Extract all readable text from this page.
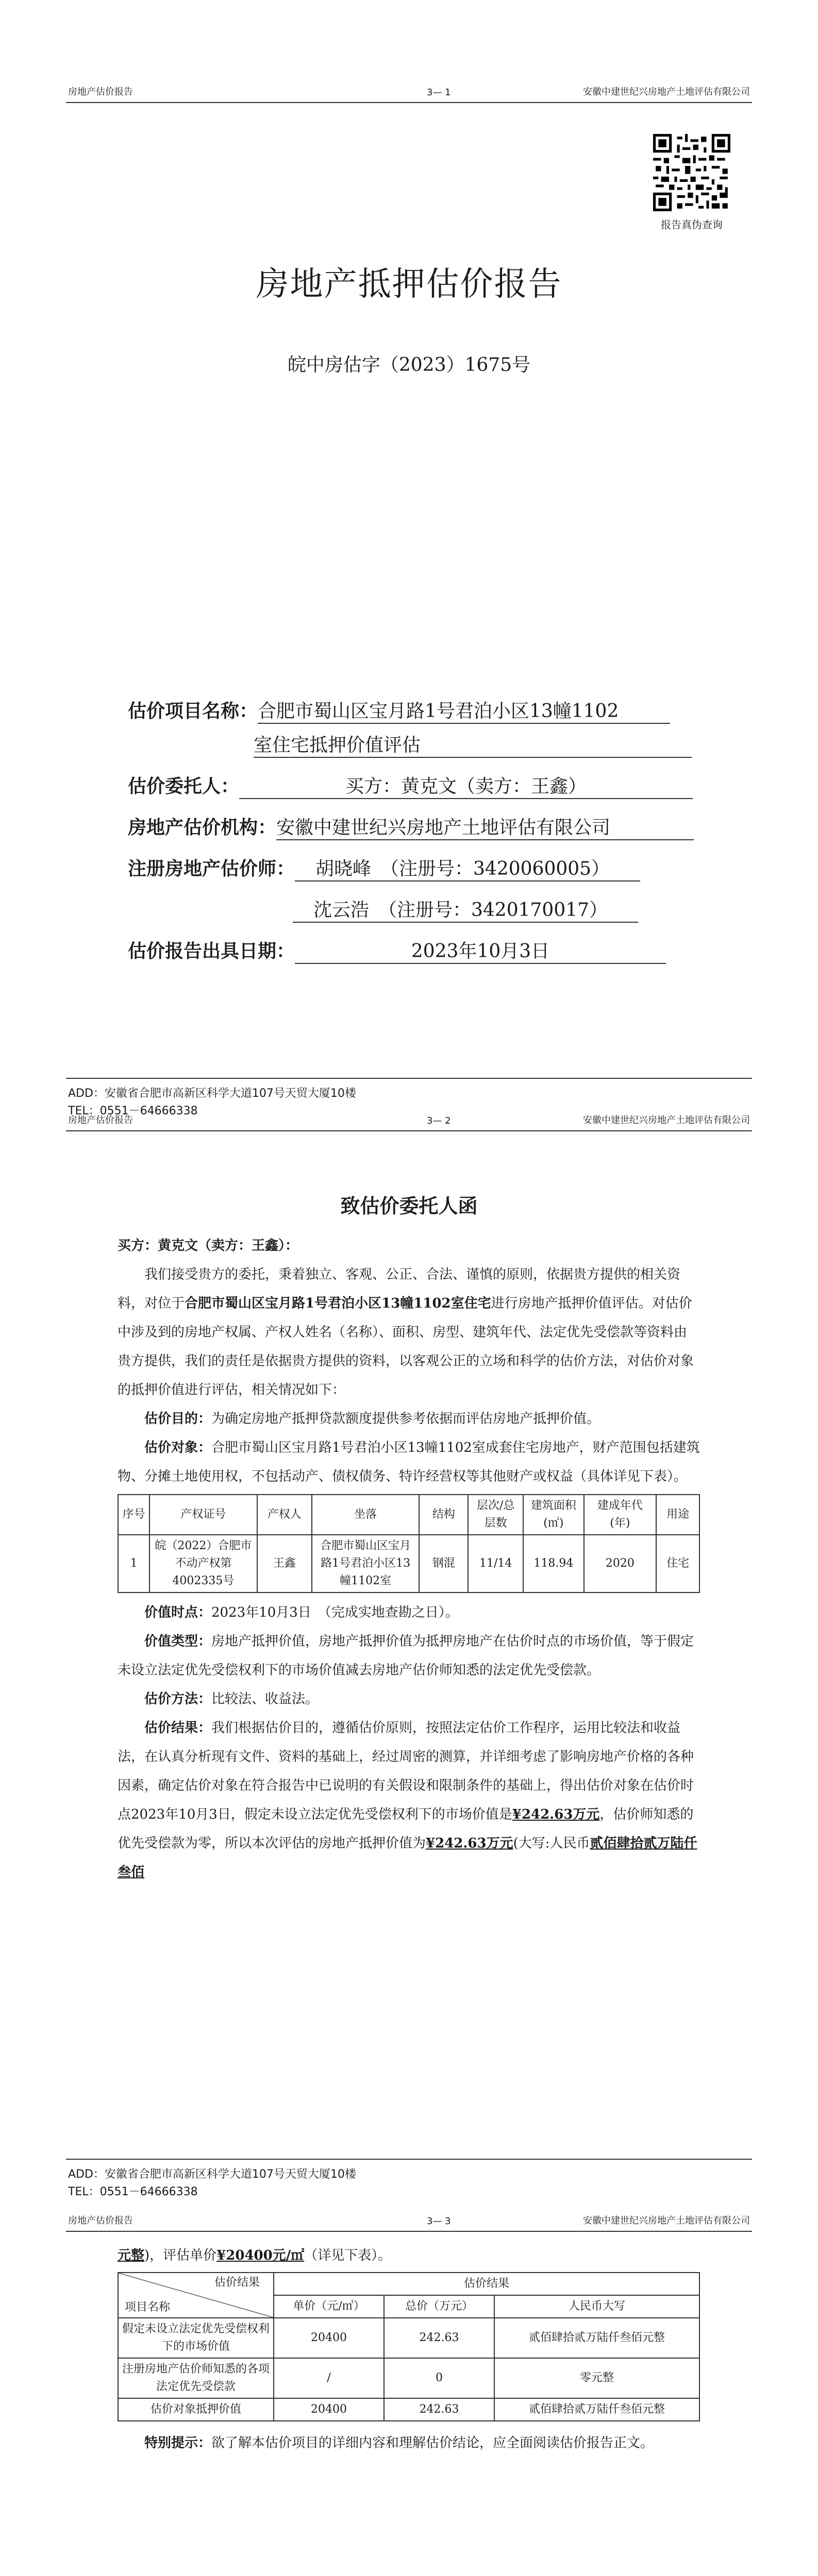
房地产估价报告	3— 1	安徽中建世纪兴房地产土地评估有限公司
报告真伪查询
房地产抵押估价报告
皖中房估字（2023）1675号
估价项目名称：合肥市蜀山区宝月路1号君泊小区13幢1102
室住宅抵押价值评估
估价委托人：	买方：黄克文（卖方：王鑫）
房地产估价机构：安徽中建世纪兴房地产土地评估有限公司
注册房地产估价师： 胡晓峰　（注册号：3420060005）
沈云浩　（注册号：3420170017）
估价报告出具日期：	2023年10月3日
ADD：安徽省合肥市高新区科学大道107号天贸大厦10楼
TEL：0551－64666338
房地产估价报告	3— 2	安徽中建世纪兴房地产土地评估有限公司
致估价委托人函

买方：黄克文（卖方：王鑫）：

我们接受贵方的委托，秉着独立、客观、公正、合法、谨慎的原则，依据贵方提供的相关资料，对位于合肥市蜀山区宝月路1号君泊小区13幢1102室住宅进行房地产抵押价值评估。对估价中涉及到的房地产权属、产权人姓名（名称）、面积、房型、建筑年代、法定优先受偿款等资料由贵方提供，我们的责任是依据贵方提供的资料，以客观公正的立场和科学的估价方法，对估价对象的抵押价值进行评估，相关情况如下：

估价目的：为确定房地产抵押贷款额度提供参考依据而评估房地产抵押价值。

估价对象：合肥市蜀山区宝月路1号君泊小区13幢1102室成套住宅房地产，财产范围包括建筑物、分摊土地使用权，不包括动产、债权债务、特许经营权等其他财产或权益（具体详见下表）。

序号	产权证号	产权人	坐落	结构	层次/总层数	建筑面积(㎡)	建成年代(年)	用途
1	皖（2022）合肥市不动产权第4002335号	王鑫	合肥市蜀山区宝月路1号君泊小区13幢1102室	钢混	11/14	118.94	2020	住宅

价值时点：2023年10月3日　（完成实地查勘之日）。

价值类型：房地产抵押价值，房地产抵押价值为抵押房地产在估价时点的市场价值，等于假定未设立法定优先受偿权利下的市场价值减去房地产估价师知悉的法定优先受偿款。

估价方法：比较法、收益法。

估价结果：我们根据估价目的，遵循估价原则，按照法定估价工作程序，运用比较法和收益法，在认真分析现有文件、资料的基础上，经过周密的测算，并详细考虑了影响房地产价格的各种因素，确定估价对象在符合报告中已说明的有关假设和限制条件的基础上，得出估价对象在估价时点2023年10月3日，假定未设立法定优先受偿权利下的市场价值是¥242.63万元，估价师知悉的优先受偿款为零，所以本次评估的房地产抵押价值为¥242.63万元(大写:人民币贰佰肆拾贰万陆仟叁佰

ADD：安徽省合肥市高新区科学大道107号天贸大厦10楼
TEL：0551－64666338
房地产估价报告	3— 3	安徽中建世纪兴房地产土地评估有限公司

元整)，评估单价¥20400元/㎡（详见下表）。

估价结果
项目名称	估价结果		
	单价（元/㎡）	总价（万元）	人民币大写
假定未设立法定优先受偿权利下的市场价值	20400	242.63	贰佰肆拾贰万陆仟叁佰元整
注册房地产估价师知悉的各项法定优先受偿款	/	0	零元整
估价对象抵押价值	20400	242.63	贰佰肆拾贰万陆仟叁佰元整

特别提示：欲了解本估价项目的详细内容和理解估价结论，应全面阅读估价报告正文。
